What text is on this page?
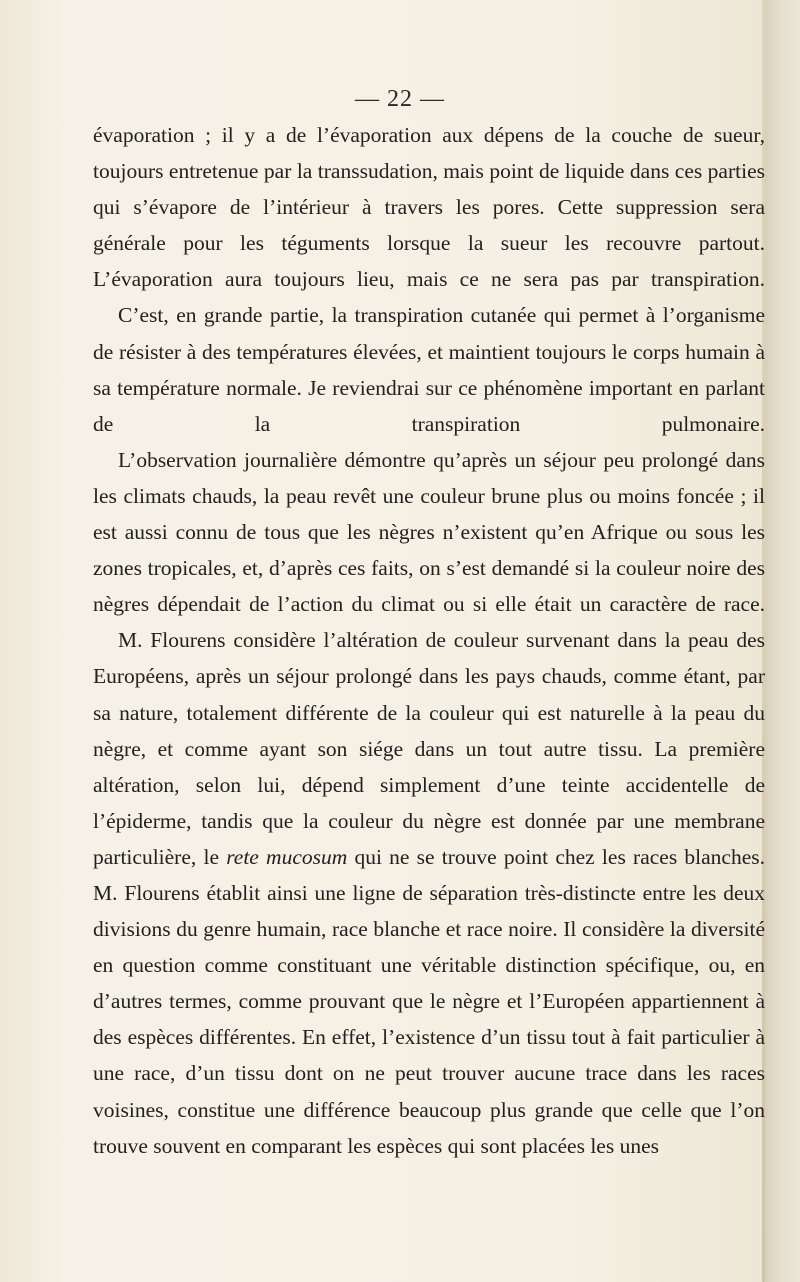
— 22 —

évaporation ; il y a de l’évaporation aux dépens de la couche de sueur, toujours entretenue par la transsudation, mais point de liquide dans ces parties qui s’évapore de l’intérieur à travers les pores. Cette suppression sera générale pour les téguments lorsque la sueur les recouvre partout. L’évaporation aura toujours lieu, mais ce ne sera pas par transpiration.

C’est, en grande partie, la transpiration cutanée qui permet à l’organisme de résister à des températures élevées, et maintient toujours le corps humain à sa température normale. Je reviendrai sur ce phénomène important en parlant de la transpiration pulmonaire.

L’observation journalière démontre qu’après un séjour peu prolongé dans les climats chauds, la peau revêt une couleur brune plus ou moins foncée ; il est aussi connu de tous que les nègres n’existent qu’en Afrique ou sous les zones tropicales, et, d’après ces faits, on s’est demandé si la couleur noire des nègres dépendait de l’action du climat ou si elle était un caractère de race.

M. Flourens considère l’altération de couleur survenant dans la peau des Européens, après un séjour prolongé dans les pays chauds, comme étant, par sa nature, totalement différente de la couleur qui est naturelle à la peau du nègre, et comme ayant son siége dans un tout autre tissu. La première altération, selon lui, dépend simplement d’une teinte accidentelle de l’épiderme, tandis que la couleur du nègre est donnée par une membrane particulière, le rete mucosum qui ne se trouve point chez les races blanches. M. Flourens établit ainsi une ligne de séparation très-distincte entre les deux divisions du genre humain, race blanche et race noire. Il considère la diversité en question comme constituant une véritable distinction spécifique, ou, en d’autres termes, comme prouvant que le nègre et l’Européen appartiennent à des espèces différentes. En effet, l’existence d’un tissu tout à fait particulier à une race, d’un tissu dont on ne peut trouver aucune trace dans les races voisines, constitue une différence beaucoup plus grande que celle que l’on trouve souvent en comparant les espèces qui sont placées les unes
